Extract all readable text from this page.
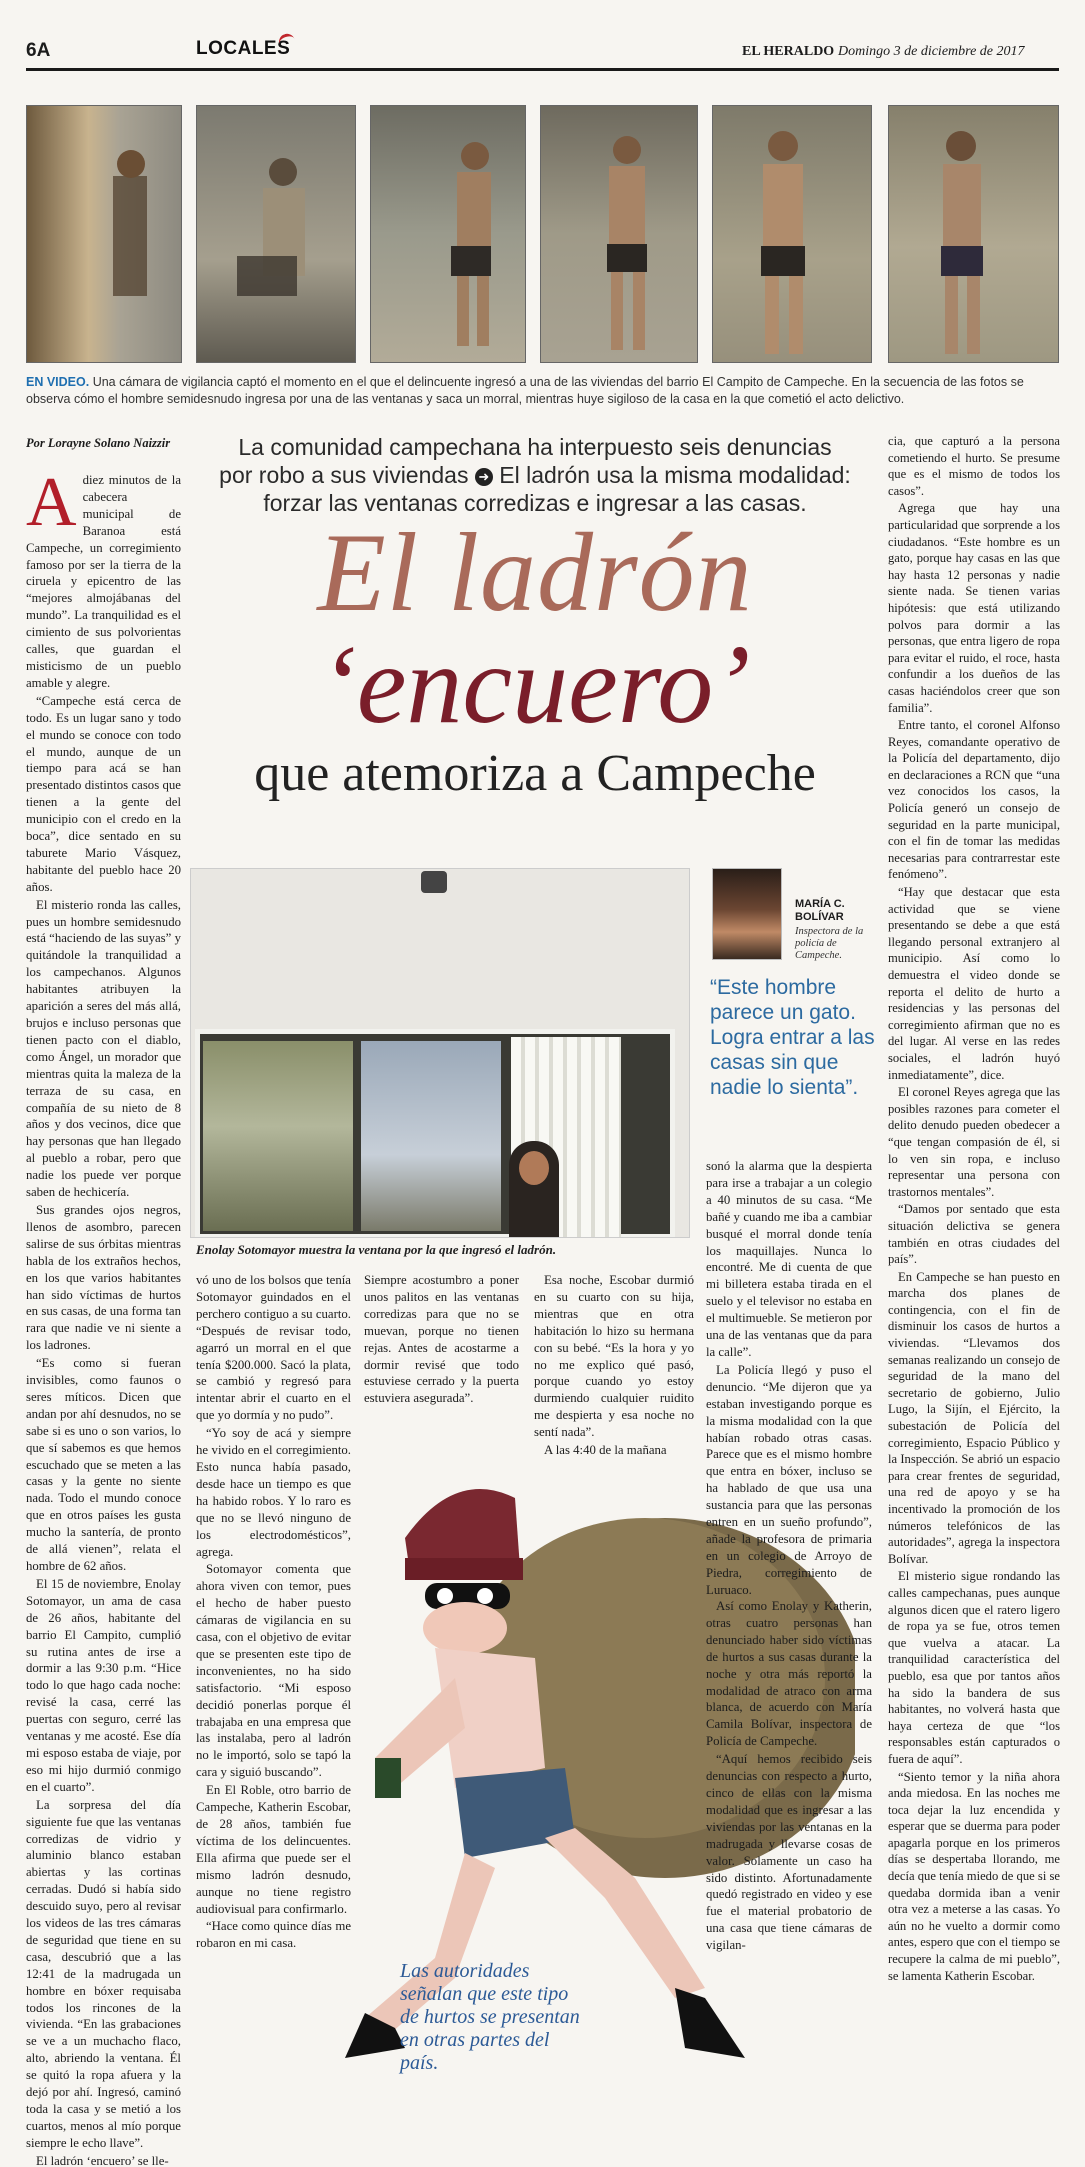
6A	LOCALES	EL HERALDO Domingo 3 de diciembre de 2017
EN VIDEO. Una cámara de vigilancia captó el momento en el que el delincuente ingresó a una de las viviendas del barrio El Campito de Campeche. En la secuencia de las fotos se observa cómo el hombre semidesnudo ingresa por una de las ventanas y saca un morral, mientras huye sigiloso de la casa en la que cometió el acto delictivo.
Por Lorayne Solano Naizzir	La comunidad campechana ha interpuesto seis denuncias
por robo a sus viviendas ➜ El ladrón usa la misma modalidad:
forzar las ventanas corredizas e ingresar a las casas.
El ladrón
‘encuero’
que atemoriza a Campeche
Enolay Sotomayor muestra la ventana por la que ingresó el ladrón.
MARÍA C.
BOLÍVAR
Inspectora de la policía de Campeche.
“Este hombre parece un gato. Logra entrar a las casas sin que nadie lo sienta”.
Las autoridades señalan que este tipo de hurtos se presentan en otras partes del país.

Adiez minutos de la cabecera municipal de Baranoa está Campeche, un corregimiento famoso por ser la tierra de la ciruela y epicentro de las “mejores almojábanas del mundo”. La tranquilidad es el cimiento de sus polvorientas calles, que guardan el misticismo de un pueblo amable y alegre.

“Campeche está cerca de todo. Es un lugar sano y todo el mundo se conoce con todo el mundo, aunque de un tiempo para acá se han presentado distintos casos que tienen a la gente del municipio con el credo en la boca”, dice sentado en su taburete Mario Vásquez, habitante del pueblo hace 20 años.

El misterio ronda las calles, pues un hombre semidesnudo está “haciendo de las suyas” y quitándole la tranquilidad a los campechanos. Algunos habitantes atribuyen la aparición a seres del más allá, brujos e incluso personas que tienen pacto con el diablo, como Ángel, un morador que mientras quita la maleza de la terraza de su casa, en compañía de su nieto de 8 años y dos vecinos, dice que hay personas que han llegado al pueblo a robar, pero que nadie los puede ver porque saben de hechicería.

Sus grandes ojos negros, llenos de asombro, parecen salirse de sus órbitas mientras habla de los extraños hechos, en los que varios habitantes han sido víctimas de hurtos en sus casas, de una forma tan rara que nadie ve ni siente a los ladrones.

“Es como si fueran invisibles, como faunos o seres míticos. Dicen que andan por ahí desnudos, no se sabe si es uno o son varios, lo que sí sabemos es que hemos escuchado que se meten a las casas y la gente no siente nada. Todo el mundo conoce que en otros países les gusta mucho la santería, de pronto de allá vienen”, relata el hombre de 62 años.

El 15 de noviembre, Enolay Sotomayor, un ama de casa de 26 años, habitante del barrio El Campito, cumplió su rutina antes de irse a dormir a las 9:30 p.m. “Hice todo lo que hago cada noche: revisé la casa, cerré las puertas con seguro, cerré las ventanas y me acosté. Ese día mi esposo estaba de viaje, por eso mi hijo durmió conmigo en el cuarto”.

La sorpresa del día siguiente fue que las ventanas corredizas de vidrio y aluminio blanco estaban abiertas y las cortinas cerradas. Dudó si había sido descuido suyo, pero al revisar los videos de las tres cámaras de seguridad que tiene en su casa, descubrió que a las 12:41 de la madrugada un hombre en bóxer requisaba todos los rincones de la vivienda. “En las grabaciones se ve a un muchacho flaco, alto, abriendo la ventana. Él se quitó la ropa afuera y la dejó por ahí. Ingresó, caminó toda la casa y se metió a los cuartos, menos al mío porque siempre le echo llave”.

El ladrón ‘encuero’ se lle-

vó uno de los bolsos que tenía Sotomayor guindados en el perchero contiguo a su cuarto. “Después de revisar todo, agarró un morral en el que tenía $200.000. Sacó la plata, se cambió y regresó para intentar abrir el cuarto en el que yo dormía y no pudo”.

“Yo soy de acá y siempre he vivido en el corregimiento. Esto nunca había pasado, desde hace un tiempo es que ha habido robos. Y lo raro es que no se llevó ninguno de los electrodomésticos”, agrega.

Sotomayor comenta que ahora viven con temor, pues el hecho de haber puesto cámaras de vigilancia en su casa, con el objetivo de evitar que se presenten este tipo de inconvenientes, no ha sido satisfactorio. “Mi esposo decidió ponerlas porque él trabajaba en una empresa que las instalaba, pero al ladrón no le importó, solo se tapó la cara y siguió buscando”.

En El Roble, otro barrio de Campeche, Katherin Escobar, de 28 años, también fue víctima de los delincuentes. Ella afirma que puede ser el mismo ladrón desnudo, aunque no tiene registro audiovisual para confirmarlo.

“Hace como quince días me robaron en mi casa.

Siempre acostumbro a poner unos palitos en las ventanas corredizas para que no se muevan, porque no tienen rejas. Antes de acostarme a dormir revisé que todo estuviese cerrado y la puerta estuviera asegurada”.

Esa noche, Escobar durmió en su cuarto con su hija, mientras que en otra habitación lo hizo su hermana con su bebé. “Es la hora y yo no me explico qué pasó, porque cuando yo estoy durmiendo cualquier ruidito me despierta y esa noche no sentí nada”.

A las 4:40 de la mañana

sonó la alarma que la despierta para irse a trabajar a un colegio a 40 minutos de su casa. “Me bañé y cuando me iba a cambiar busqué el morral donde tenía los maquillajes. Nunca lo encontré. Me di cuenta de que mi billetera estaba tirada en el suelo y el televisor no estaba en el multimueble. Se metieron por una de las ventanas que da para la calle”.

La Policía llegó y puso el denuncio. “Me dijeron que ya estaban investigando porque es la misma modalidad con la que habían robado otras casas. Parece que es el mismo hombre que entra en bóxer, incluso se ha hablado de que usa una sustancia para que las personas entren en un sueño profundo”, añade la profesora de primaria en un colegio de Arroyo de Piedra, corregimiento de Luruaco.

Así como Enolay y Katherin, otras cuatro personas han denunciado haber sido víctimas de hurtos a sus casas durante la noche y otra más reportó la modalidad de atraco con arma blanca, de acuerdo con María Camila Bolívar, inspectora de Policía de Campeche.

“Aquí hemos recibido seis denuncias con respecto a hurto, cinco de ellas con la misma modalidad que es ingresar a las viviendas por las ventanas en la madrugada y llevarse cosas de valor. Solamente un caso ha sido distinto. Afortunadamente quedó registrado en video y ese fue el material probatorio de una casa que tiene cámaras de vigilan-

cia, que capturó a la persona cometiendo el hurto. Se presume que es el mismo de todos los casos”.

Agrega que hay una particularidad que sorprende a los ciudadanos. “Este hombre es un gato, porque hay casas en las que hay hasta 12 personas y nadie siente nada. Se tienen varias hipótesis: que está utilizando polvos para dormir a las personas, que entra ligero de ropa para evitar el ruido, el roce, hasta confundir a los dueños de las casas haciéndolos creer que son familia”.

Entre tanto, el coronel Alfonso Reyes, comandante operativo de la Policía del departamento, dijo en declaraciones a RCN que “una vez conocidos los casos, la Policía generó un consejo de seguridad en la parte municipal, con el fin de tomar las medidas necesarias para contrarrestar este fenómeno”.

“Hay que destacar que esta actividad que se viene presentando se debe a que está llegando personal extranjero al municipio. Así como lo demuestra el video donde se reporta el delito de hurto a residencias y las personas del corregimiento afirman que no es del lugar. Al verse en las redes sociales, el ladrón huyó inmediatamente”, dice.

El coronel Reyes agrega que las posibles razones para cometer el delito denudo pueden obedecer a “que tengan compasión de él, si lo ven sin ropa, e incluso representar una persona con trastornos mentales”.

“Damos por sentado que esta situación delictiva se genera también en otras ciudades del país”.

En Campeche se han puesto en marcha dos planes de contingencia, con el fin de disminuir los casos de hurtos a viviendas. “Llevamos dos semanas realizando un consejo de seguridad de la mano del secretario de gobierno, Julio Lugo, la Sijín, el Ejército, la subestación de Policía del corregimiento, Espacio Público y la Inspección. Se abrió un espacio para crear frentes de seguridad, una red de apoyo y se ha incentivado la promoción de los números telefónicos de las autoridades”, agrega la inspectora Bolívar.

El misterio sigue rondando las calles campechanas, pues aunque algunos dicen que el ratero ligero de ropa ya se fue, otros temen que vuelva a atacar. La tranquilidad característica del pueblo, esa que por tantos años ha sido la bandera de sus habitantes, no volverá hasta que haya certeza de que “los responsables están capturados o fuera de aquí”.

“Siento temor y la niña ahora anda miedosa. En las noches me toca dejar la luz encendida y esperar que se duerma para poder apagarla porque en los primeros días se despertaba llorando, me decía que tenía miedo de que si se quedaba dormida iban a venir otra vez a meterse a las casas. Yo aún no he vuelto a dormir como antes, espero que con el tiempo se recupere la calma de mi pueblo”, se lamenta Katherin Escobar.
